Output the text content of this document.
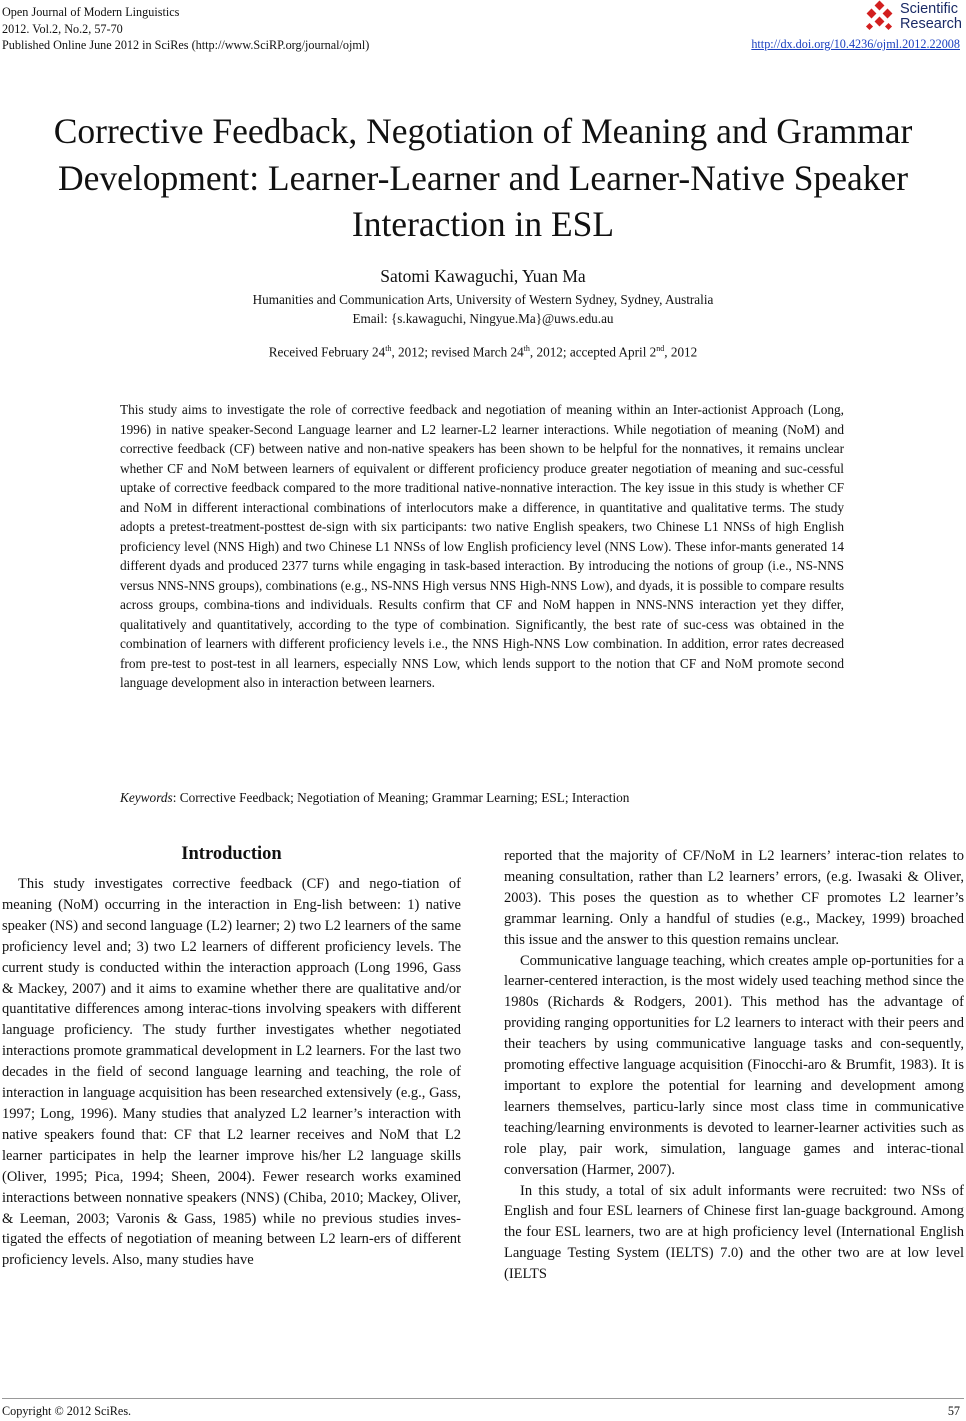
Open Journal of Modern Linguistics
2012. Vol.2, No.2, 57-70
Published Online June 2012 in SciRes (http://www.SciRP.org/journal/ojml)
Scientific
Research
http://dx.doi.org/10.4236/ojml.2012.22008
Corrective Feedback, Negotiation of Meaning and Grammar Development: Learner-Learner and Learner-Native Speaker Interaction in ESL
Satomi Kawaguchi, Yuan Ma
Humanities and Communication Arts, University of Western Sydney, Sydney, Australia
Email: {s.kawaguchi, Ningyue.Ma}@uws.edu.au
Received February 24th, 2012; revised March 24th, 2012; accepted April 2nd, 2012

This study aims to investigate the role of corrective feedback and negotiation of meaning within an Inter-actionist Approach (Long, 1996) in native speaker-Second Language learner and L2 learner-L2 learner interactions. While negotiation of meaning (NoM) and corrective feedback (CF) between native and non-native speakers has been shown to be helpful for the nonnatives, it remains unclear whether CF and NoM between learners of equivalent or different proficiency produce greater negotiation of meaning and suc-cessful uptake of corrective feedback compared to the more traditional native-nonnative interaction. The key issue in this study is whether CF and NoM in different interactional combinations of interlocutors make a difference, in quantitative and qualitative terms. The study adopts a pretest-treatment-posttest de-sign with six participants: two native English speakers, two Chinese L1 NNSs of high English proficiency level (NNS High) and two Chinese L1 NNSs of low English proficiency level (NNS Low). These infor-mants generated 14 different dyads and produced 2377 turns while engaging in task-based interaction. By introducing the notions of group (i.e., NS-NNS versus NNS-NNS groups), combinations (e.g., NS-NNS High versus NNS High-NNS Low), and dyads, it is possible to compare results across groups, combina-tions and individuals. Results confirm that CF and NoM happen in NNS-NNS interaction yet they differ, qualitatively and quantitatively, according to the type of combination. Significantly, the best rate of suc-cess was obtained in the combination of learners with different proficiency levels i.e., the NNS High-NNS Low combination. In addition, error rates decreased from pre-test to post-test in all learners, especially NNS Low, which lends support to the notion that CF and NoM promote second language development also in interaction between learners.

Keywords: Corrective Feedback; Negotiation of Meaning; Grammar Learning; ESL; Interaction
Introduction

This study investigates corrective feedback (CF) and nego-tiation of meaning (NoM) occurring in the interaction in Eng-lish between: 1) native speaker (NS) and second language (L2) learner; 2) two L2 learners of the same proficiency level and; 3) two L2 learners of different proficiency levels. The current study is conducted within the interaction approach (Long 1996, Gass & Mackey, 2007) and it aims to examine whether there are qualitative and/or quantitative differences among interac-tions involving speakers with different language proficiency. The study further investigates whether negotiated interactions promote grammatical development in L2 learners. For the last two decades in the field of second language learning and teaching, the role of interaction in language acquisition has been researched extensively (e.g., Gass, 1997; Long, 1996). Many studies that analyzed L2 learner’s interaction with native speakers found that: CF that L2 learner receives and NoM that L2 learner participates in help the learner improve his/her L2 language skills (Oliver, 1995; Pica, 1994; Sheen, 2004). Fewer research works examined interactions between nonnative speakers (NNS) (Chiba, 2010; Mackey, Oliver, & Leeman, 2003; Varonis & Gass, 1985) while no previous studies inves-tigated the effects of negotiation of meaning between L2 learn-ers of different proficiency levels. Also, many studies have

reported that the majority of CF/NoM in L2 learners’ interac-tion relates to meaning consultation, rather than L2 learners’ errors, (e.g. Iwasaki & Oliver, 2003). This poses the question as to whether CF promotes L2 learner’s grammar learning. Only a handful of studies (e.g., Mackey, 1999) broached this issue and the answer to this question remains unclear.

Communicative language teaching, which creates ample op-portunities for a learner-centered interaction, is the most widely used teaching method since the 1980s (Richards & Rodgers, 2001). This method has the advantage of providing ranging opportunities for L2 learners to interact with their peers and their teachers by using communicative language tasks and con-sequently, promoting effective language acquisition (Finocchi-aro & Brumfit, 1983). It is important to explore the potential for learning and development among learners themselves, particu-larly since most class time in communicative teaching/learning environments is devoted to learner-learner activities such as role play, pair work, simulation, language games and interac-tional conversation (Harmer, 2007).

In this study, a total of six adult informants were recruited: two NSs of English and four ESL learners of Chinese first lan-guage background. Among the four ESL learners, two are at high proficiency level (International English Language Testing System (IELTS) 7.0) and the other two are at low level (IELTS

Copyright © 2012 SciRes.	57
